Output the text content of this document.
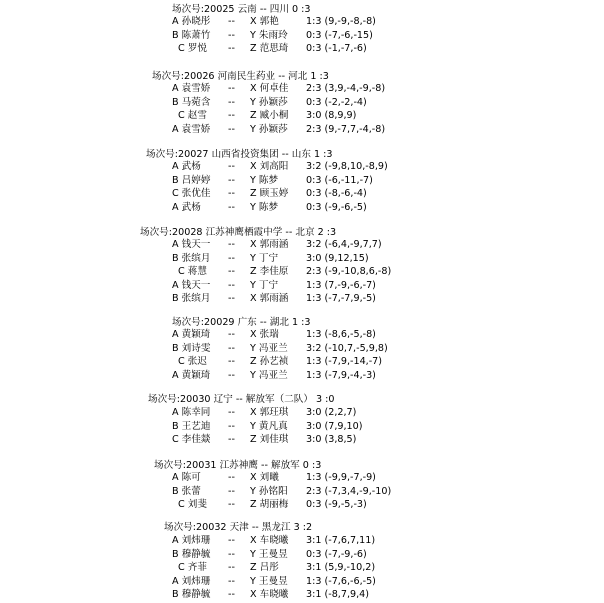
场次号:20025 云南 -- 四川 0 :3
A 孙晓彤 -- X 郭艳	1:3 (9,-9,-8,-8)
B 陈萧竹 -- Y 朱雨玲 0:3 (-7,-6,-15)
C 罗悦 -- Z 范思琦 0:3 (-1,-7,-6)
场次号:20026 河南民生药业 -- 河北 1 :3
A 袁雪娇 -- X 何卓佳 2:3 (3,9,-4,-9,-8)
B 马菀含 -- Y 孙颖莎 0:3 (-2,-2,-4)
C 赵雪 -- Z 臧小桐 3:0 (8,9,9)
A 袁雪娇 -- Y 孙颖莎 2:3 (9,-7,7,-4,-8)
场次号:20027 山西省投资集团 -- 山东 1 :3
A 武杨	-- X 刘高阳 3:2 (-9,8,10,-8,9)
B 吕婷婷 -- Y 陈梦	0:3 (-6,-11,-7)
C 张优佳 -- Z 顾玉婷 0:3 (-8,-6,-4)
A 武杨	-- Y 陈梦	0:3 (-9,-6,-5)
场次号:20028 江苏神鹰栖霞中学 -- 北京 2 :3
A 钱天一 -- X 郭雨涵 3:2 (-6,4,-9,7,7)
B 张缤月 -- Y 丁宁	3:0 (9,12,15)
C 蒋慧 -- Z 李佳原 2:3 (-9,-10,8,6,-8)
A 钱天一 -- Y 丁宁	1:3 (7,-9,-6,-7)
B 张缤月 -- X 郭雨涵 1:3 (-7,-7,9,-5)
场次号:20029 广东 -- 湖北 1 :3
A 黄颖琦 -- X 张瑞	1:3 (-8,6,-5,-8)
B 刘诗雯 -- Y 冯亚兰 3:2 (-10,7,-5,9,8)
C 张迟 -- Z 孙艺祯 1:3 (-7,9,-14,-7)
A 黄颖琦 -- Y 冯亚兰 1:3 (-7,9,-4,-3)
场次号:20030 辽宁 -- 解放军（二队） 3 :0
A 陈幸同 -- X 郭玨琪 3:0 (2,2,7)
B 王艺迪 -- Y 黄凡真 3:0 (7,9,10)
C 李佳燚 -- Z 刘佳琪 3:0 (3,8,5)
场次号:20031 江苏神鹰 -- 解放军 0 :3
A 陈可	-- X 刘曦	1:3 (-9,9,-7,-9)
B 张蕾	-- Y 孙铭阳 2:3 (-7,3,4,-9,-10)
C 刘斐 -- Z 胡丽梅 0:3 (-9,-5,-3)
场次号:20032 天津 -- 黑龙江 3 :2
A 刘炜珊 -- X 车晓曦 3:1 (-7,6,7,11)
B 穆静毓 -- Y 王曼昱 0:3 (-7,-9,-6)
C 齐菲 -- Z 吕彤	3:1 (5,9,-10,2)
A 刘炜珊 -- Y 王曼昱 1:3 (-7,6,-6,-5)
B 穆静毓 -- X 车晓曦 3:1 (-8,7,9,4)
